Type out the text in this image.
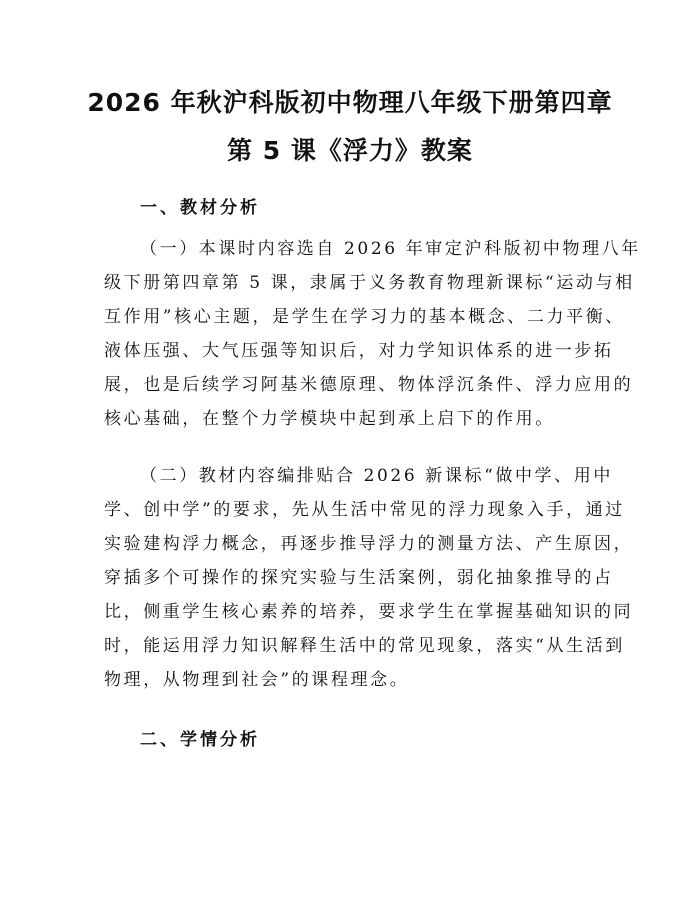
2026 年秋沪科版初中物理八年级下册第四章
第 5 课《浮力》教案
一、教材分析

（一）本课时内容选自 2026 年审定沪科版初中物理八年
级下册第四章第 5 课，隶属于义务教育物理新课标“运动与相
互作用”核心主题，是学生在学习力的基本概念、二力平衡、
液体压强、大气压强等知识后，对力学知识体系的进一步拓
展，也是后续学习阿基米德原理、物体浮沉条件、浮力应用的
核心基础，在整个力学模块中起到承上启下的作用。

（二）教材内容编排贴合 2026 新课标“做中学、用中
学、创中学”的要求，先从生活中常见的浮力现象入手，通过
实验建构浮力概念，再逐步推导浮力的测量方法、产生原因，
穿插多个可操作的探究实验与生活案例，弱化抽象推导的占
比，侧重学生核心素养的培养，要求学生在掌握基础知识的同
时，能运用浮力知识解释生活中的常见现象，落实“从生活到
物理，从物理到社会”的课程理念。

二、学情分析
